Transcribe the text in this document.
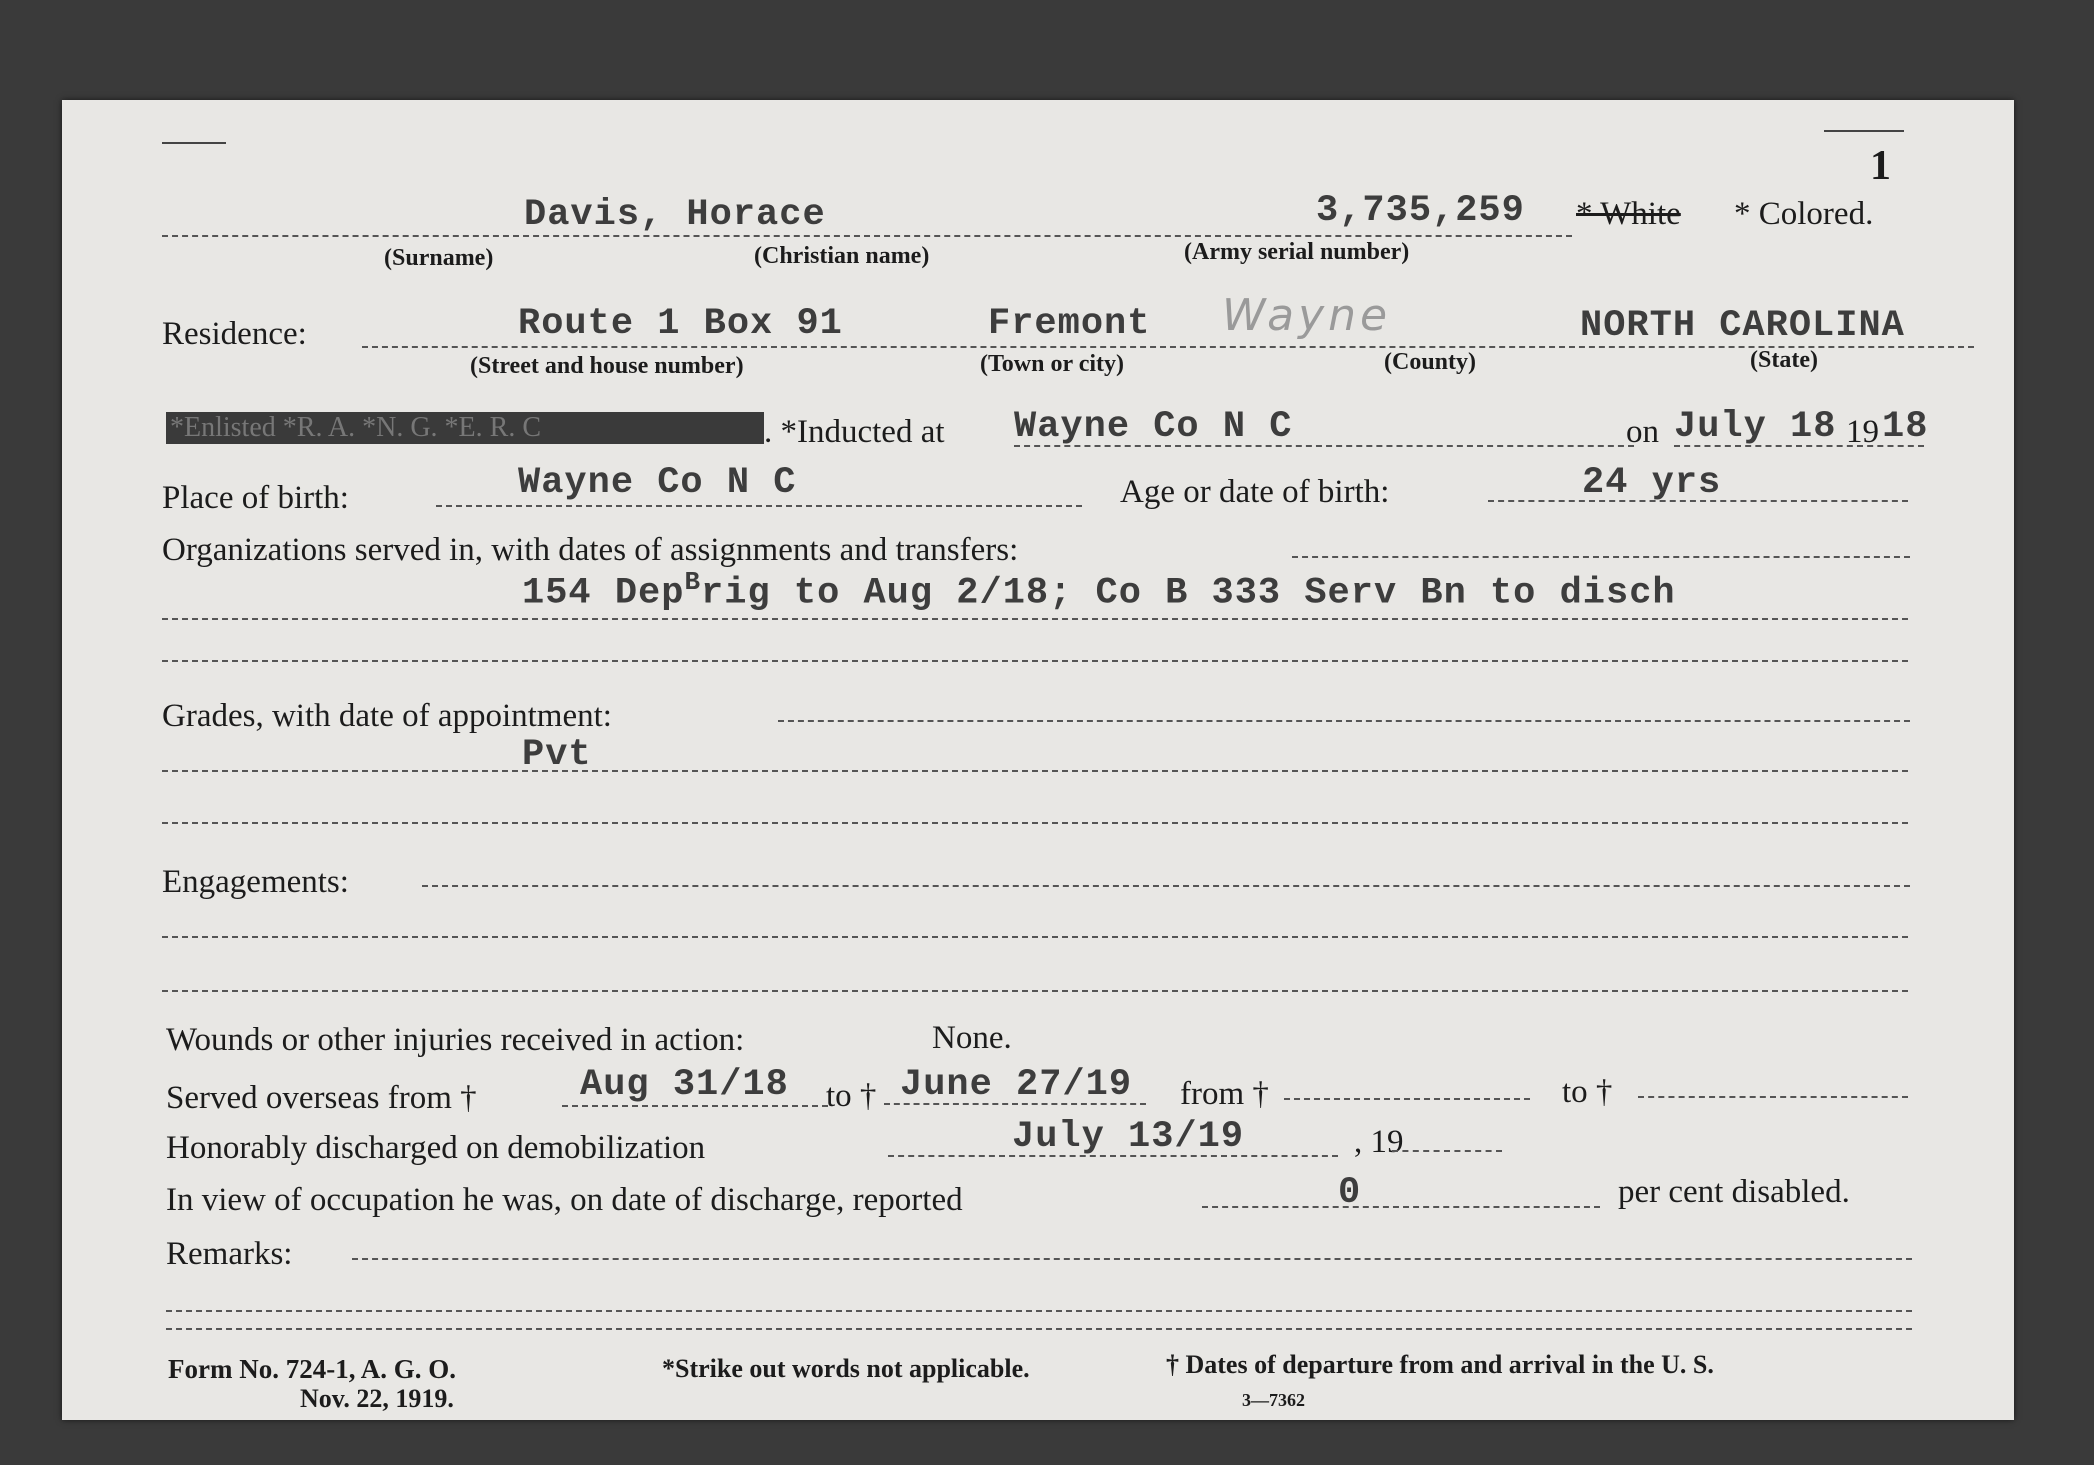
1
Davis, Horace	3,735,259 * White * Colored.
(Surname)	(Christian name)	(Army serial number)
Residence:	Route 1 Box 91	Fremont Wayne	NORTH CAROLINA
(Street and house number)	(Town or city)	(County)	(State)
*Enlisted *R. A. *N. G. *E. R. C	. *Inducted at Wayne Co N C	on July 18 19 18
Place of birth:	Wayne Co N C	Age or date of birth:	24 yrs
Organizations served in, with dates of assignments and transfers:
154 Dep$^B$rig to Aug 2/18; Co B 333 Serv Bn to disch
Grades, with date of appointment:
Pvt
Engagements:
Wounds or other injuries received in action:	None.
Served overseas from †	Aug 31/18 to † June 27/19 from †	to †
Honorably discharged on demobilization	July 13/19	, 19
In view of occupation he was, on date of discharge, reported	0	per cent disabled.
Remarks:
Form No. 724-1, A. G. O.
Nov. 22, 1919.
*Strike out words not applicable.	† Dates of departure from and arrival in the U. S.
3—7362
